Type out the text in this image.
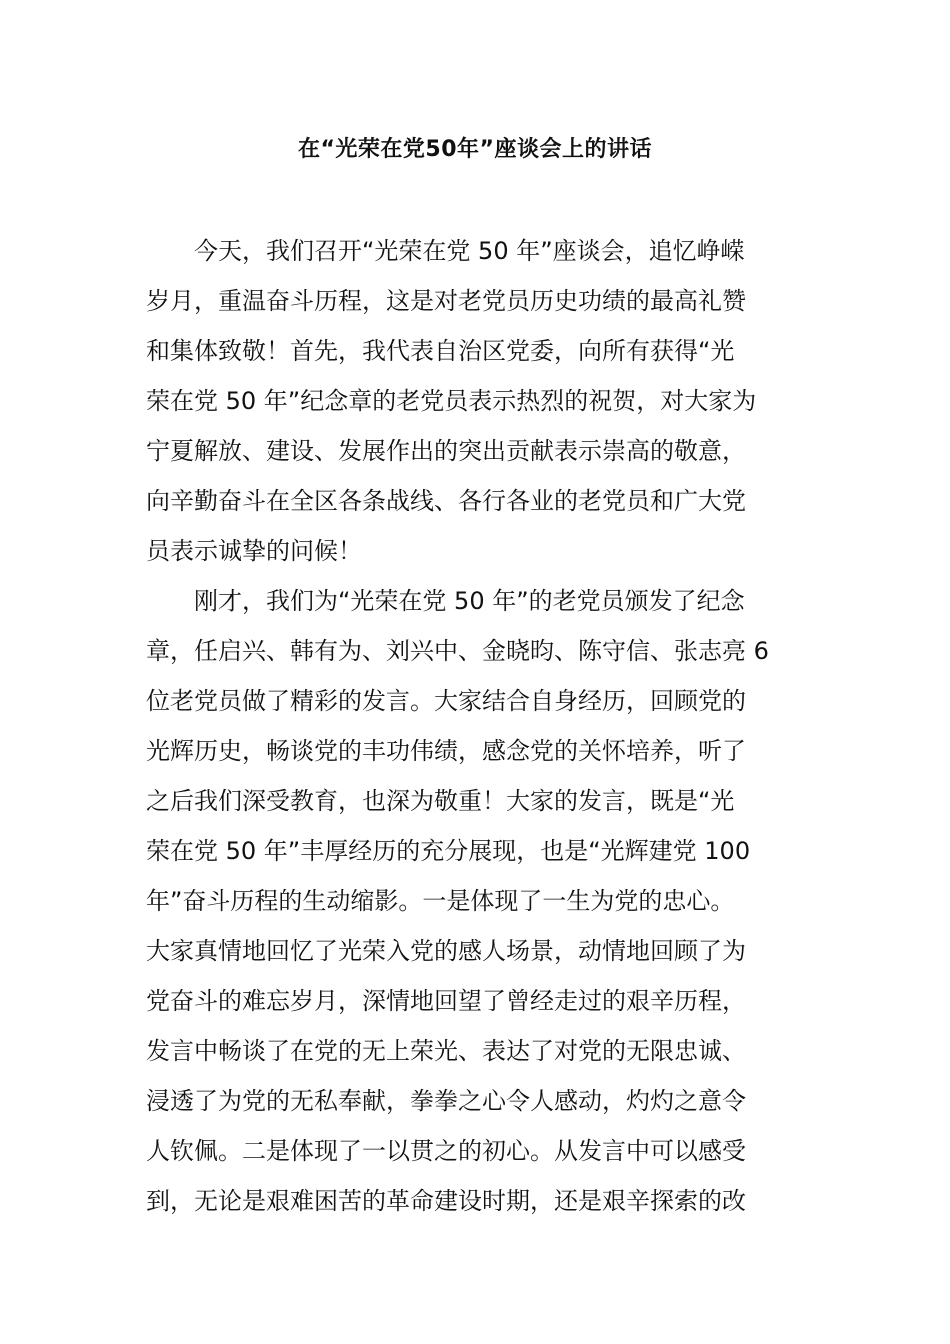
在“光荣在党50年”座谈会上的讲话
今天，我们召开“光荣在党 50 年”座谈会，追忆峥嵘
岁月，重温奋斗历程，这是对老党员历史功绩的最高礼赞
和集体致敬！首先，我代表自治区党委，向所有获得“光
荣在党 50 年”纪念章的老党员表示热烈的祝贺，对大家为
宁夏解放、建设、发展作出的突出贡献表示崇高的敬意，
向辛勤奋斗在全区各条战线、各行各业的老党员和广大党
员表示诚挚的问候！
刚才，我们为“光荣在党 50 年”的老党员颁发了纪念
章，任启兴、韩有为、刘兴中、金晓昀、陈守信、张志亮 6
位老党员做了精彩的发言。大家结合自身经历，回顾党的
光辉历史，畅谈党的丰功伟绩，感念党的关怀培养，听了
之后我们深受教育，也深为敬重！大家的发言，既是“光
荣在党 50 年”丰厚经历的充分展现，也是“光辉建党 100
年”奋斗历程的生动缩影。一是体现了一生为党的忠心。
大家真情地回忆了光荣入党的感人场景，动情地回顾了为
党奋斗的难忘岁月，深情地回望了曾经走过的艰辛历程，
发言中畅谈了在党的无上荣光、表达了对党的无限忠诚、
浸透了为党的无私奉献，拳拳之心令人感动，灼灼之意令
人钦佩。二是体现了一以贯之的初心。从发言中可以感受
到，无论是艰难困苦的革命建设时期，还是艰辛探索的改
